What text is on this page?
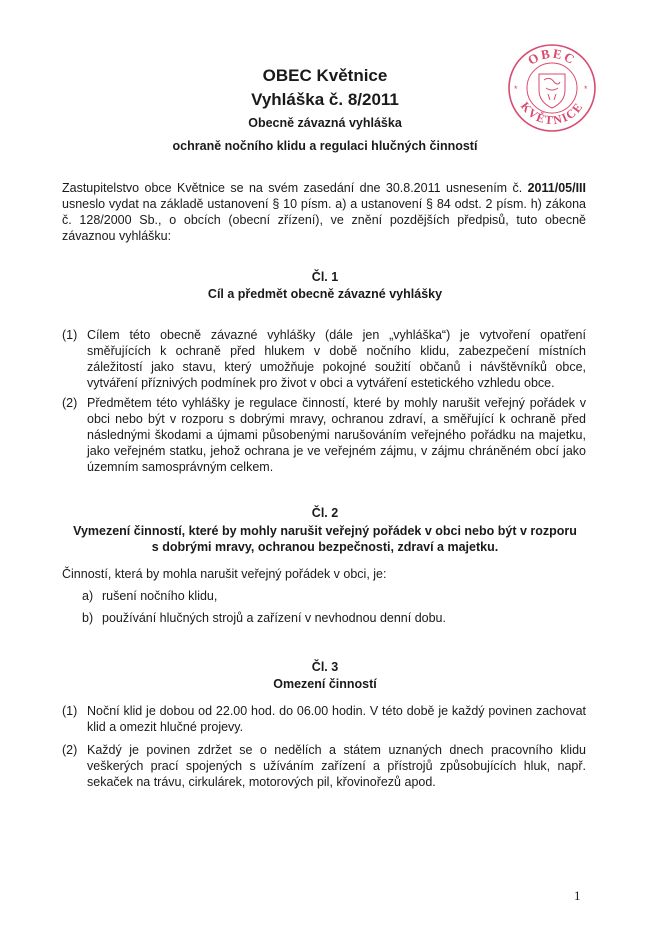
OBEC
KVĚTNICE
*	*
OBEC Květnice
Vyhláška č. 8/2011
Obecně závazná vyhláška
ochraně nočního klidu a regulaci hlučných činností
Zastupitelstvo obce Květnice se na svém zasedání dne 30.8.2011 usnesením č. 2011/05/III usneslo vydat na základě ustanovení § 10 písm. a) a ustanovení § 84 odst. 2 písm. h) zákona č. 128/2000 Sb., o obcích (obecní zřízení), ve znění pozdějších předpisů, tuto obecně závaznou vyhlášku:
Čl. 1
Cíl a předmět obecně závazné vyhlášky
(1) Cílem této obecně závazné vyhlášky (dále jen „vyhláška“) je vytvoření opatření směřujících k ochraně před hlukem v době nočního klidu, zabezpečení místních záležitostí jako stavu, který umožňuje pokojné soužití občanů i návštěvníků obce, vytváření příznivých podmínek pro život v obci a vytváření estetického vzhledu obce.
(2) Předmětem této vyhlášky je regulace činností, které by mohly narušit veřejný pořádek v obci nebo být v rozporu s dobrými mravy, ochranou zdraví, a směřující k ochraně před následnými škodami a újmami působenými narušováním veřejného pořádku na majetku, jako veřejném statku, jehož ochrana je ve veřejném zájmu, v zájmu chráněném obcí jako územním samosprávným celkem.
Čl. 2
Vymezení činností, které by mohly narušit veřejný pořádek v obci nebo být v rozporu
s dobrými mravy, ochranou bezpečnosti, zdraví a majetku.
Činností, která by mohla narušit veřejný pořádek v obci, je:
a) rušení nočního klidu,
b) používání hlučných strojů a zařízení v nevhodnou denní dobu.
Čl. 3
Omezení činností
(1) Noční klid je dobou od 22.00 hod. do 06.00 hodin. V této době je každý povinen zachovat klid a omezit hlučné projevy.
(2) Každý je povinen zdržet se o nedělích a státem uznaných dnech pracovního klidu veškerých prací spojených s užíváním zařízení a přístrojů způsobujících hluk, např. sekaček na trávu, cirkulárek, motorových pil, křovinořezů apod.
1
